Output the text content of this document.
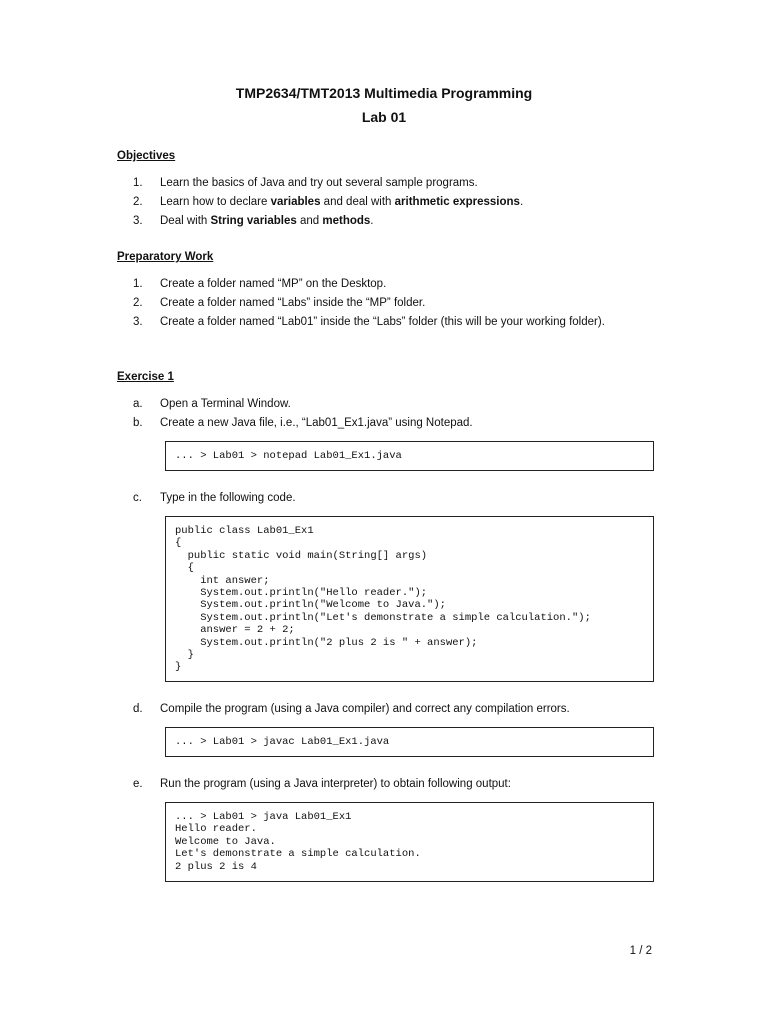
TMP2634/TMT2013 Multimedia Programming
Lab 01
Objectives
1. Learn the basics of Java and try out several sample programs.
2. Learn how to declare variables and deal with arithmetic expressions.
3. Deal with String variables and methods.
Preparatory Work
1. Create a folder named “MP” on the Desktop.
2. Create a folder named “Labs” inside the “MP” folder.
3. Create a folder named “Lab01” inside the “Labs” folder (this will be your working folder).
Exercise 1
a. Open a Terminal Window.
b. Create a new Java file, i.e., “Lab01_Ex1.java” using Notepad.
... > Lab01 > notepad Lab01_Ex1.java
c. Type in the following code.
public class Lab01_Ex1
{
public static void main(String[] args)
{
int answer;
System.out.println("Hello reader.");
System.out.println("Welcome to Java.");
System.out.println("Let's demonstrate a simple calculation.");
answer = 2 + 2;
System.out.println("2 plus 2 is " + answer);
}
}
d. Compile the program (using a Java compiler) and correct any compilation errors.
... > Lab01 > javac Lab01_Ex1.java
e. Run the program (using a Java interpreter) to obtain following output:
... > Lab01 > java Lab01_Ex1
Hello reader.
Welcome to Java.
Let's demonstrate a simple calculation.
2 plus 2 is 4
1 / 2
